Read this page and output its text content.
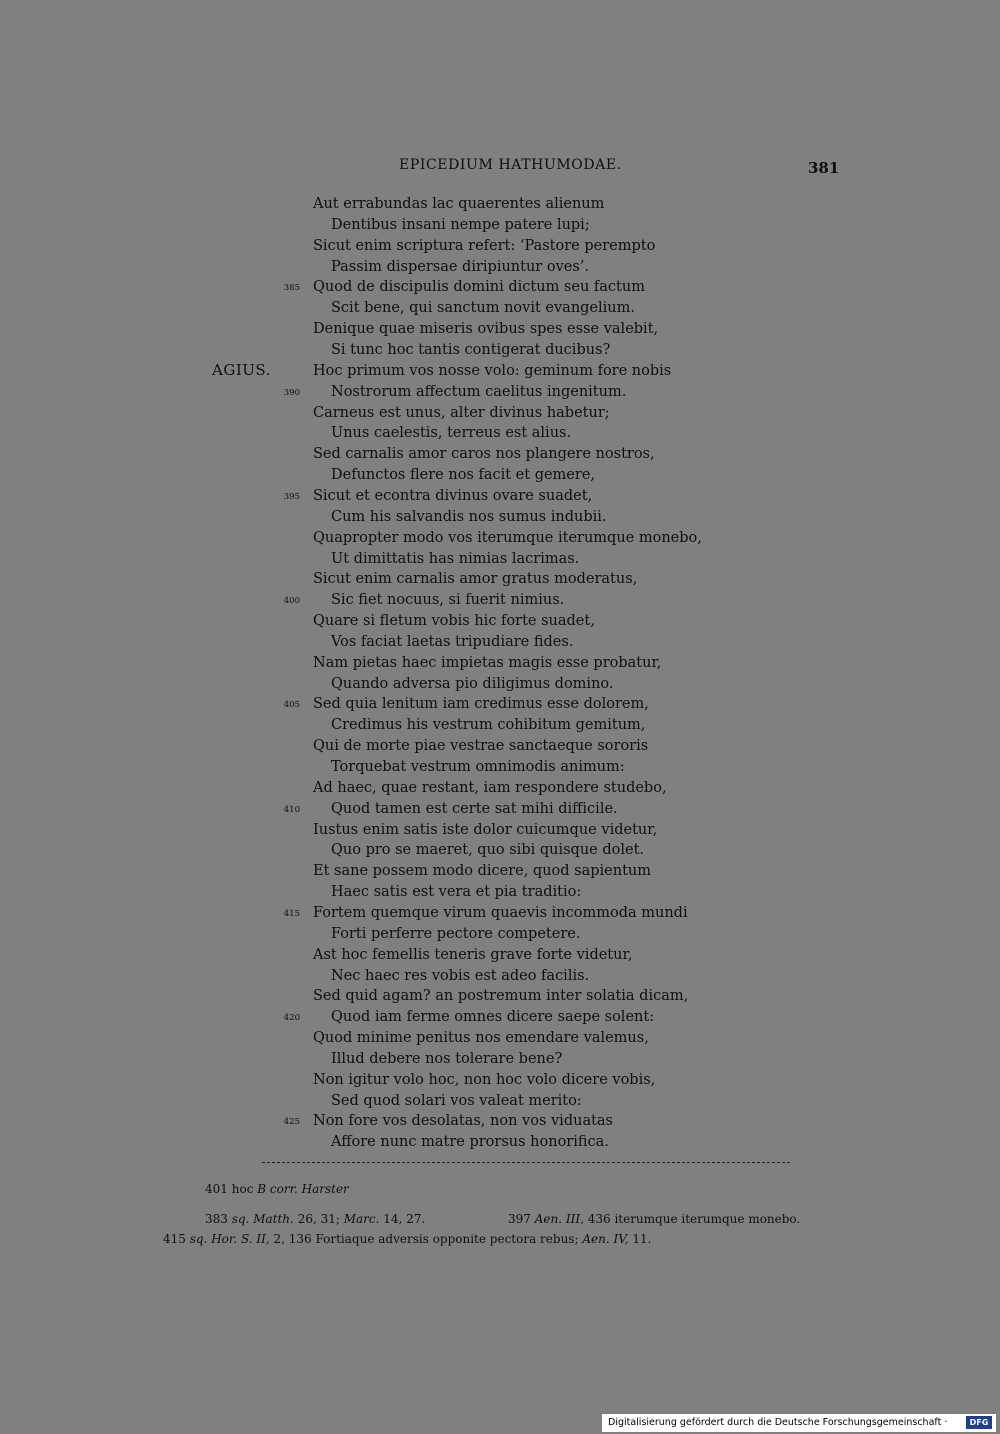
EPICEDIUM HATHUMODAE.	381
Aut errabundas lac quaerentes alienum
Dentibus insani nempe patere lupi;
Sicut enim scriptura refert: ‘Pastore perempto
Passim dispersae diripiuntur oves’.
385 Quod de discipulis domini dictum seu factum
Scit bene, qui sanctum novit evangelium.
Denique quae miseris ovibus spes esse valebit,
Si tunc hoc tantis contigerat ducibus?
Hoc primum vos nosse volo: geminum fore nobis
390 Nostrorum affectum caelitus ingenitum.
Carneus est unus, alter divinus habetur;
Unus caelestis, terreus est alius.
Sed carnalis amor caros nos plangere nostros,
Defunctos flere nos facit et gemere,
395 Sicut et econtra divinus ovare suadet,
Cum his salvandis nos sumus indubii.
Quapropter modo vos iterumque iterumque monebo,
Ut dimittatis has nimias lacrimas.
Sicut enim carnalis amor gratus moderatus,
400 Sic fiet nocuus, si fuerit nimius.
Quare si fletum vobis hic forte suadet,
Vos faciat laetas tripudiare fides.
Nam pietas haec impietas magis esse probatur,
Quando adversa pio diligimus domino.
405 Sed quia lenitum iam credimus esse dolorem,
Credimus his vestrum cohibitum gemitum,
Qui de morte piae vestrae sanctaeque sororis
Torquebat vestrum omnimodis animum:
Ad haec, quae restant, iam respondere studebo,
410 Quod tamen est certe sat mihi difficile.
Iustus enim satis iste dolor cuicumque videtur,
Quo pro se maeret, quo sibi quisque dolet.
Et sane possem modo dicere, quod sapientum
Haec satis est vera et pia traditio:
415 Fortem quemque virum quaevis incommoda mundi
Forti perferre pectore competere.
Ast hoc femellis teneris grave forte videtur,
Nec haec res vobis est adeo facilis.
Sed quid agam? an postremum inter solatia dicam,
420 Quod iam ferme omnes dicere saepe solent:
Quod minime penitus nos emendare valemus,
Illud debere nos tolerare bene?
Non igitur volo hoc, non hoc volo dicere vobis,
Sed quod solari vos valeat merito:
425 Non fore vos desolatas, non vos viduatas
Affore nunc matre prorsus honorifica.
AGIUS.
401 hoc B corr. Harster
383 sq. Matth. 26, 31; Marc. 14, 27.	397 Aen. III, 436 iterumque iterumque monebo.
415 sq. Hor. S. II, 2, 136 Fortiaque adversis opponite pectora rebus; Aen. IV, 11.
Digitalisierung gefördert durch die Deutsche Forschungsgemeinschaft ·	DFG
